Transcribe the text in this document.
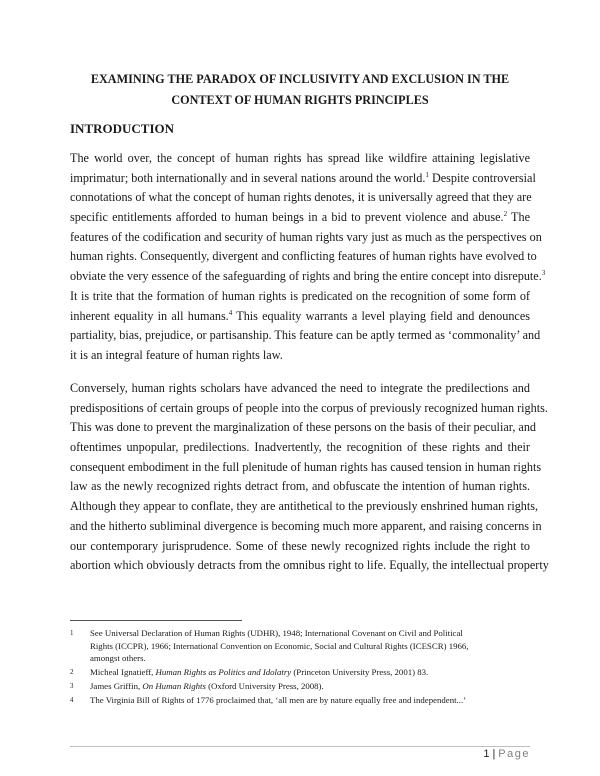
EXAMINING THE PARADOX OF INCLUSIVITY AND EXCLUSION IN THE
CONTEXT OF HUMAN RIGHTS PRINCIPLES
INTRODUCTION
The world over, the concept of human rights has spread like wildfire attaining legislative
imprimatur; both internationally and in several nations around the world.$^1$ Despite controversial
connotations of what the concept of human rights denotes, it is universally agreed that they are
specific entitlements afforded to human beings in a bid to prevent violence and abuse.$^2$ The
features of the codification and security of human rights vary just as much as the perspectives on
human rights. Consequently, divergent and conflicting features of human rights have evolved to
obviate the very essence of the safeguarding of rights and bring the entire concept into disrepute.$^3$
It is trite that the formation of human rights is predicated on the recognition of some form of
inherent equality in all humans.$^4$ This equality warrants a level playing field and denounces
partiality, bias, prejudice, or partisanship. This feature can be aptly termed as ‘commonality’ and
it is an integral feature of human rights law.
Conversely, human rights scholars have advanced the need to integrate the predilections and
predispositions of certain groups of people into the corpus of previously recognized human rights.
This was done to prevent the marginalization of these persons on the basis of their peculiar, and
oftentimes unpopular, predilections. Inadvertently, the recognition of these rights and their
consequent embodiment in the full plenitude of human rights has caused tension in human rights
law as the newly recognized rights detract from, and obfuscate the intention of human rights.
Although they appear to conflate, they are antithetical to the previously enshrined human rights,
and the hitherto subliminal divergence is becoming much more apparent, and raising concerns in
our contemporary jurisprudence. Some of these newly recognized rights include the right to
abortion which obviously detracts from the omnibus right to life. Equally, the intellectual property
1 See Universal Declaration of Human Rights (UDHR), 1948; International Covenant on Civil and Political
Rights (ICCPR), 1966; International Convention on Economic, Social and Cultural Rights (ICESCR) 1966,
amongst others.
2 Micheal Ignatieff, Human Rights as Politics and Idolatry (Princeton University Press, 2001) 83.
3 James Griffin, On Human Rights (Oxford University Press, 2008).
4 The Virginia Bill of Rights of 1776 proclaimed that, ‘all men are by nature equally free and independent...’
1 | Page
